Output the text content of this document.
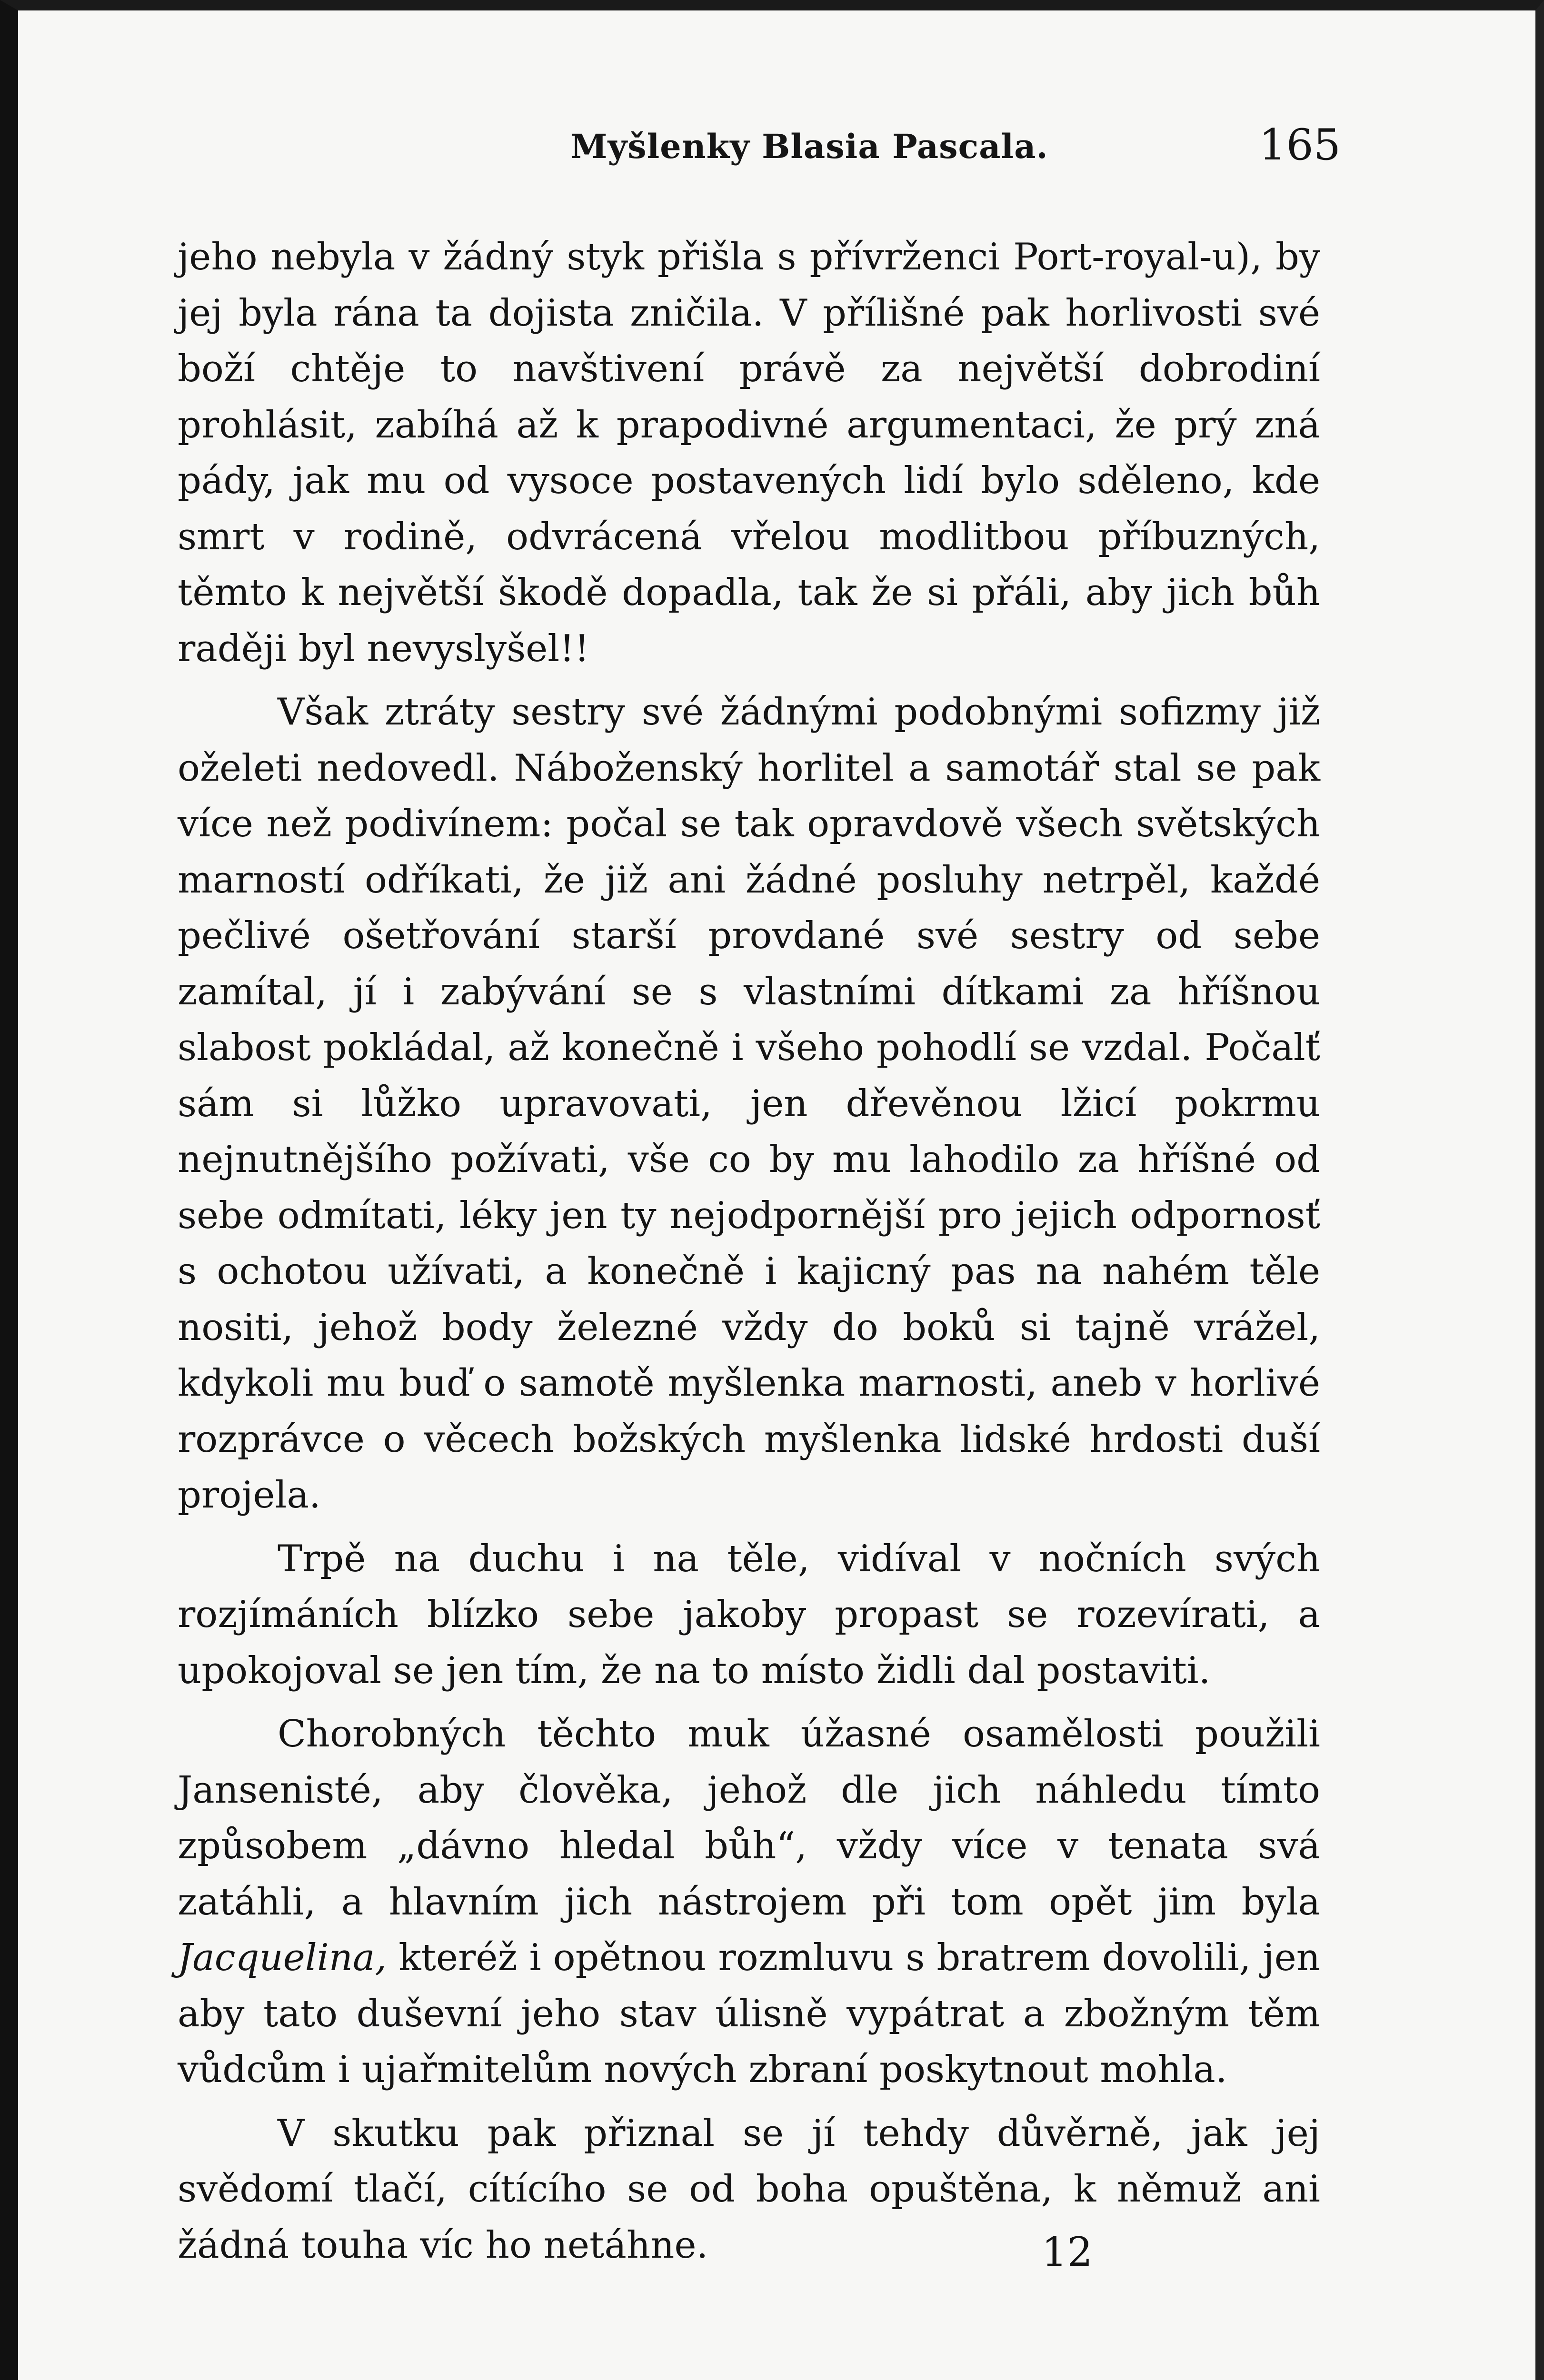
Myšlenky Blasia Pascala.	165

jeho nebyla v žádný styk přišla s přívrženci Port-royal-u), by jej byla rána ta dojista zničila. V přílišné pak horlivosti své boží chtěje to navštivení právě za největší dobrodiní prohlásit, zabíhá až k prapodivné argumentaci, že prý zná pády, jak mu od vysoce postavených lidí bylo sděleno, kde smrt v rodině, odvrácená vřelou modlitbou příbuzných, těmto k největší škodě dopadla, tak že si přáli, aby jich bůh raději byl nevyslyšel!!

Však ztráty sestry své žádnými podobnými sofizmy již oželeti nedovedl. Náboženský horlitel a samotář stal se pak více než podivínem: počal se tak opravdově všech světských marností odříkati, že již ani žádné posluhy netrpěl, každé pečlivé ošetřování starší provdané své sestry od sebe zamítal, jí i zabývání se s vlastními dítkami za hříšnou slabost pokládal, až konečně i všeho pohodlí se vzdal. Počalť sám si lůžko upravovati, jen dřevěnou lžicí pokrmu nejnutnějšího požívati, vše co by mu lahodilo za hříšné od sebe odmítati, léky jen ty nejodpornější pro jejich odpornosť s ochotou užívati, a konečně i kajicný pas na nahém těle nositi, jehož body železné vždy do boků si tajně vrážel, kdykoli mu buď o samotě myšlenka marnosti, aneb v horlivé rozprávce o věcech božských myšlenka lidské hrdosti duší projela.

Trpě na duchu i na těle, vidíval v nočních svých rozjímáních blízko sebe jakoby propast se rozevírati, a upokojoval se jen tím, že na to místo židli dal postaviti.

Chorobných těchto muk úžasné osamělosti použili Jansenisté, aby člověka, jehož dle jich náhledu tímto způsobem „dávno hledal bůh“, vždy více v tenata svá zatáhli, a hlavním jich nástrojem při tom opět jim byla Jacquelina, kteréž i opětnou rozmluvu s bratrem dovolili, jen aby tato duševní jeho stav úlisně vypátrat a zbožným těm vůdcům i ujařmitelům nových zbraní poskytnout mohla.

V skutku pak přiznal se jí tehdy důvěrně, jak jej svědomí tlačí, cítícího se od boha opuštěna, k němuž ani žádná touha víc ho netáhne.	12
